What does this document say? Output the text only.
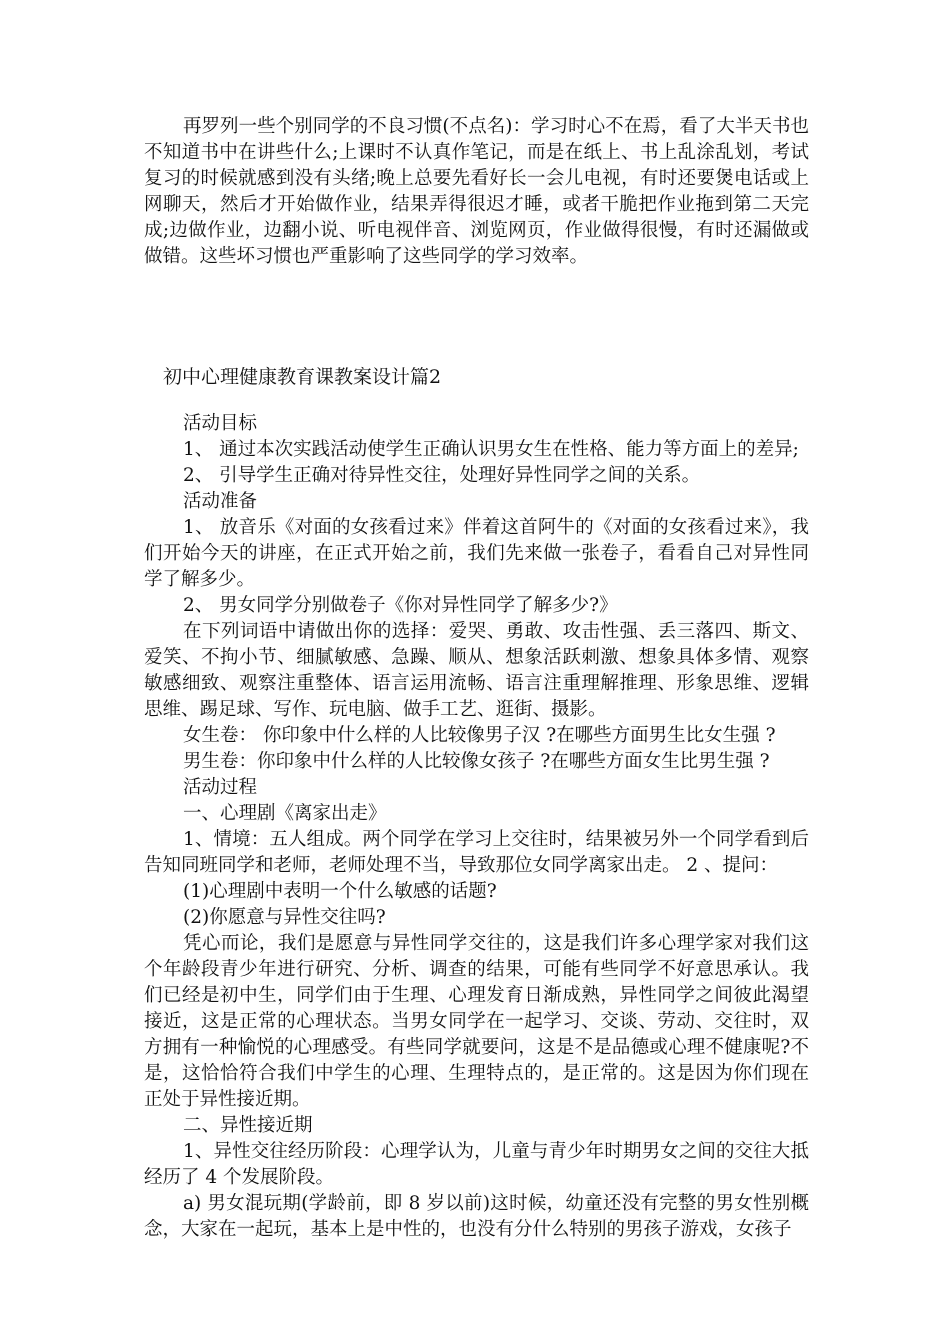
再罗列一些个别同学的不良习惯(不点名)：学习时心不在焉，看了大半天书也不知道书中在讲些什么;上课时不认真作笔记，而是在纸上、书上乱涂乱划，考试复习的时候就感到没有头绪;晚上总要先看好长一会儿电视，有时还要煲电话或上网聊天，然后才开始做作业，结果弄得很迟才睡，或者干脆把作业拖到第二天完成;边做作业，边翻小说、听电视伴音、浏览网页，作业做得很慢，有时还漏做或做错。这些坏习惯也严重影响了这些同学的学习效率。

初中心理健康教育课教案设计篇2

活动目标

1、 通过本次实践活动使学生正确认识男女生在性格、能力等方面上的差异;

2、 引导学生正确对待异性交往，处理好异性同学之间的关系。

活动准备

1、 放音乐《对面的女孩看过来》伴着这首阿牛的《对面的女孩看过来》，我们开始今天的讲座，在正式开始之前，我们先来做一张卷子，看看自己对异性同学了解多少。

2、 男女同学分别做卷子《你对异性同学了解多少?》

在下列词语中请做出你的选择：爱哭、勇敢、攻击性强、丢三落四、斯文、爱笑、不拘小节、细腻敏感、急躁、顺从、想象活跃刺激、想象具体多情、观察敏感细致、观察注重整体、语言运用流畅、语言注重理解推理、形象思维、逻辑思维、踢足球、写作、玩电脑、做手工艺、逛街、摄影。

女生卷： 你印象中什么样的人比较像男子汉 ?在哪些方面男生比女生强 ?

男生卷：你印象中什么样的人比较像女孩子 ?在哪些方面女生比男生强 ?

活动过程

一、心理剧《离家出走》

1、情境：五人组成。两个同学在学习上交往时，结果被另外一个同学看到后告知同班同学和老师，老师处理不当，导致那位女同学离家出走。 2 、提问：

(1)心理剧中表明一个什么敏感的话题?

(2)你愿意与异性交往吗?

凭心而论，我们是愿意与异性同学交往的，这是我们许多心理学家对我们这个年龄段青少年进行研究、分析、调查的结果，可能有些同学不好意思承认。我们已经是初中生，同学们由于生理、心理发育日渐成熟，异性同学之间彼此渴望接近，这是正常的心理状态。当男女同学在一起学习、交谈、劳动、交往时，双方拥有一种愉悦的心理感受。有些同学就要问，这是不是品德或心理不健康呢?不是，这恰恰符合我们中学生的心理、生理特点的，是正常的。这是因为你们现在正处于异性接近期。

二、异性接近期

1、异性交往经历阶段：心理学认为，儿童与青少年时期男女之间的交往大抵经历了 4 个发展阶段。

a) 男女混玩期(学龄前，即 8 岁以前)这时候，幼童还没有完整的男女性别概念，大家在一起玩，基本上是中性的，也没有分什么特别的男孩子游戏，女孩子
